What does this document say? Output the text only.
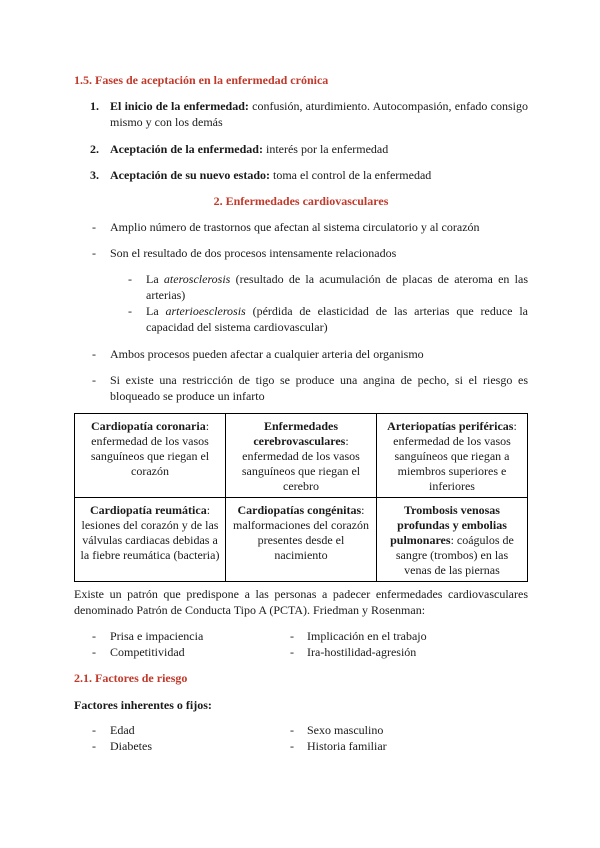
1.5. Fases de aceptación en la enfermedad crónica
1. El inicio de la enfermedad: confusión, aturdimiento. Autocompasión, enfado consigo mismo y con los demás
2. Aceptación de la enfermedad: interés por la enfermedad
3. Aceptación de su nuevo estado: toma el control de la enfermedad
2. Enfermedades cardiovasculares
- Amplio número de trastornos que afectan al sistema circulatorio y al corazón
- Son el resultado de dos procesos intensamente relacionados
- La aterosclerosis (resultado de la acumulación de placas de ateroma en las arterias)
- La arterioesclerosis (pérdida de elasticidad de las arterias que reduce la capacidad del sistema cardiovascular)
- Ambos procesos pueden afectar a cualquier arteria del organismo
- Si existe una restricción de tigo se produce una angina de pecho, si el riesgo es bloqueado se produce un infarto
Cardiopatía coronaria: enfermedad de los vasos sanguíneos que riegan el corazón	Enfermedades cerebrovasculares: enfermedad de los vasos sanguíneos que riegan el cerebro	Arteriopatías periféricas: enfermedad de los vasos sanguíneos que riegan a miembros superiores e inferiores
Cardiopatía reumática: lesiones del corazón y de las válvulas cardiacas debidas a la fiebre reumática (bacteria)	Cardiopatías congénitas: malformaciones del corazón presentes desde el nacimiento	Trombosis venosas profundas y embolias pulmonares: coágulos de sangre (trombos) en las venas de las piernas
Existe un patrón que predispone a las personas a padecer enfermedades cardiovasculares denominado Patrón de Conducta Tipo A (PCTA). Friedman y Rosenman:
- Prisa e impaciencia
- Competitividad
- Implicación en el trabajo
- Ira-hostilidad-agresión
2.1. Factores de riesgo
Factores inherentes o fijos:
- Edad
- Diabetes
- Sexo masculino
- Historia familiar
